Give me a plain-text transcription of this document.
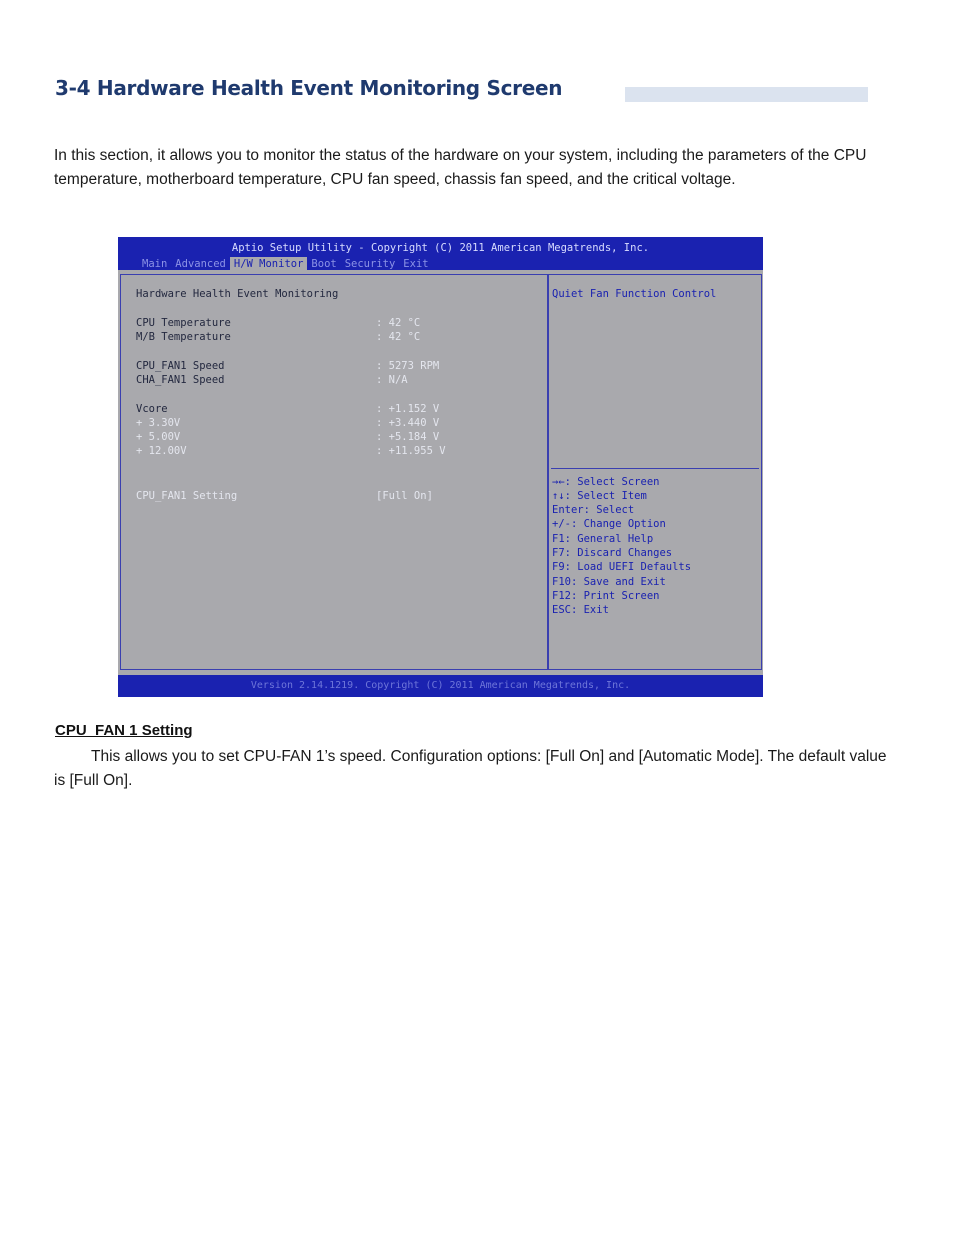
3-4 Hardware Health Event Monitoring Screen

In this section, it allows you to monitor the status of the hardware on your system, including the parameters of the CPU temperature, motherboard temperature, CPU fan speed, chassis fan speed, and the critical voltage.

Aptio Setup Utility - Copyright (C) 2011 American Megatrends, Inc.
Main Advanced H/W Monitor Boot Security Exit
Hardware Health Event Monitoring
CPU Temperature	: 42 °C
M/B Temperature	: 42 °C
CPU_FAN1 Speed	: 5273 RPM
CHA_FAN1 Speed	: N/A
Vcore	: +1.152 V
+ 3.30V	: +3.440 V
+ 5.00V	: +5.184 V
+ 12.00V	: +11.955 V
CPU_FAN1 Setting	[Full On]
Quiet Fan Function Control
→←: Select Screen
↑↓: Select Item
Enter: Select
+/-: Change Option
F1: General Help
F7: Discard Changes
F9: Load UEFI Defaults
F10: Save and Exit
F12: Print Screen
ESC: Exit
Version 2.14.1219. Copyright (C) 2011 American Megatrends, Inc.
CPU_FAN 1 Setting

This allows you to set CPU-FAN 1’s speed. Configuration options: [Full On] and [Automatic Mode]. The default value is [Full On].
